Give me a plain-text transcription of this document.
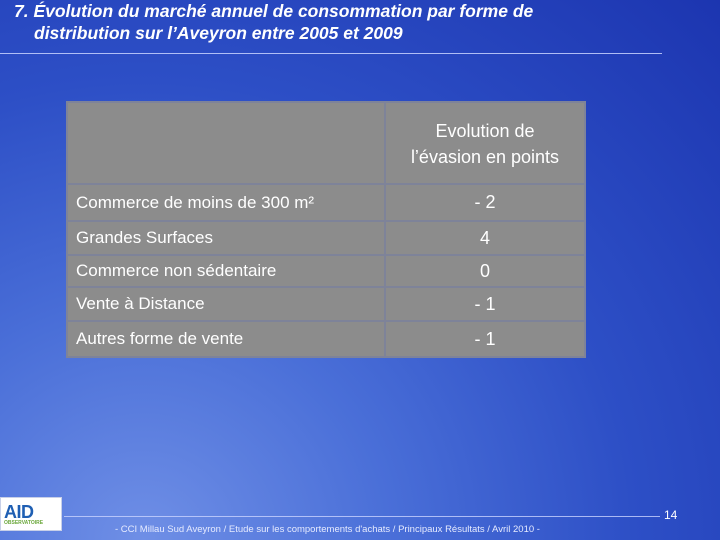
7. Évolution du marché annuel de consommation par forme de
distribution sur l’Aveyron entre 2005 et 2009
Evolution de
l’évasion en points
Commerce de moins de 300 m²	- 2
Grandes Surfaces	4
Commerce non sédentaire	0
Vente à Distance	- 1
Autres forme de vente	- 1
AID
OBSERVATOIRE
14
- CCI Millau Sud Aveyron / Etude sur les comportements d'achats / Principaux Résultats / Avril 2010 -
